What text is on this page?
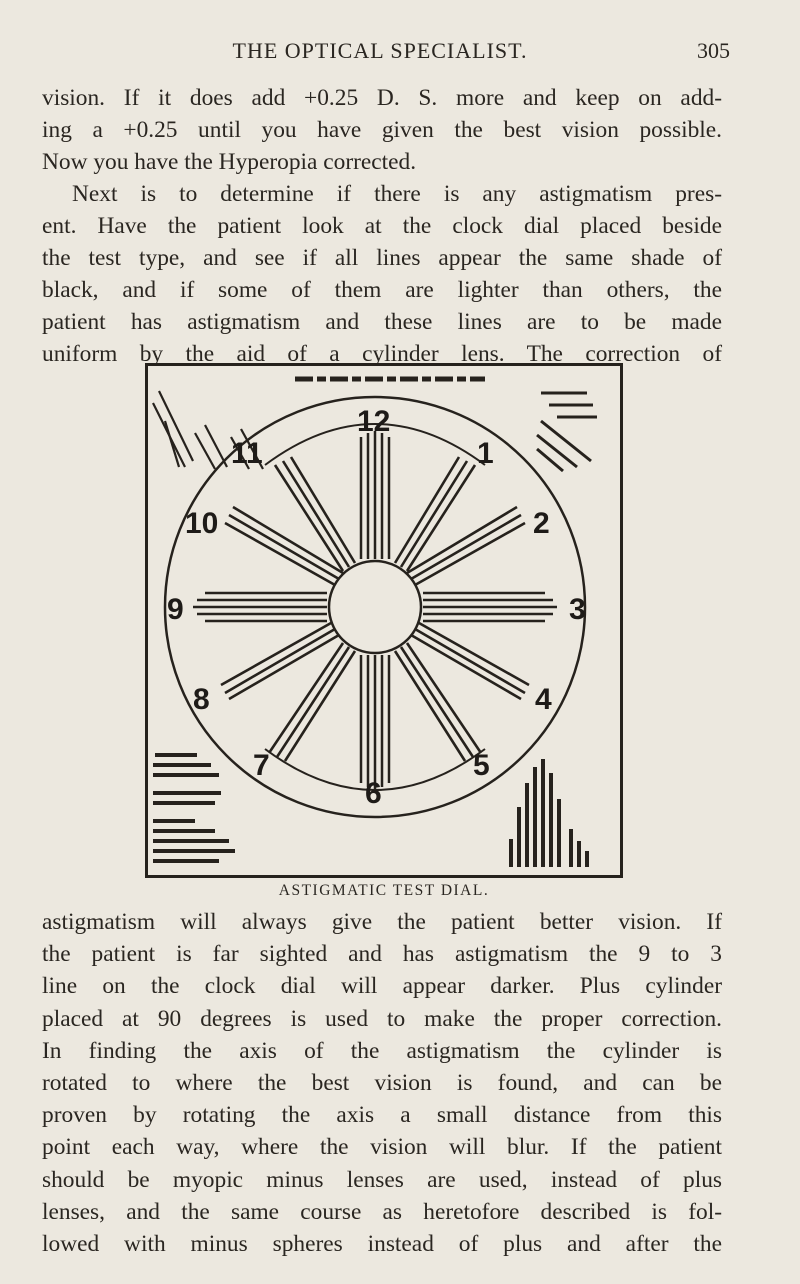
THE OPTICAL SPECIALIST.	305

vision. If it does add +0.25 D. S. more and keep on add-
ing a +0.25 until you have given the best vision possible.
Now you have the Hyperopia corrected.
Next is to determine if there is any astigmatism pres-
ent. Have the patient look at the clock dial placed beside
the test type, and see if all lines appear the same shade of
black, and if some of them are lighter than others, the
patient has astigmatism and these lines are to be made
uniform by the aid of a cylinder lens. The correction of

12
1
2
3
4
5
6
7
8
9
10
11
ASTIGMATIC TEST DIAL.

astigmatism will always give the patient better vision. If
the patient is far sighted and has astigmatism the 9 to 3
line on the clock dial will appear darker. Plus cylinder
placed at 90 degrees is used to make the proper correction.
In finding the axis of the astigmatism the cylinder is
rotated to where the best vision is found, and can be
proven by rotating the axis a small distance from this
point each way, where the vision will blur. If the patient
should be myopic minus lenses are used, instead of plus
lenses, and the same course as heretofore described is fol-
lowed with minus spheres instead of plus and after the
